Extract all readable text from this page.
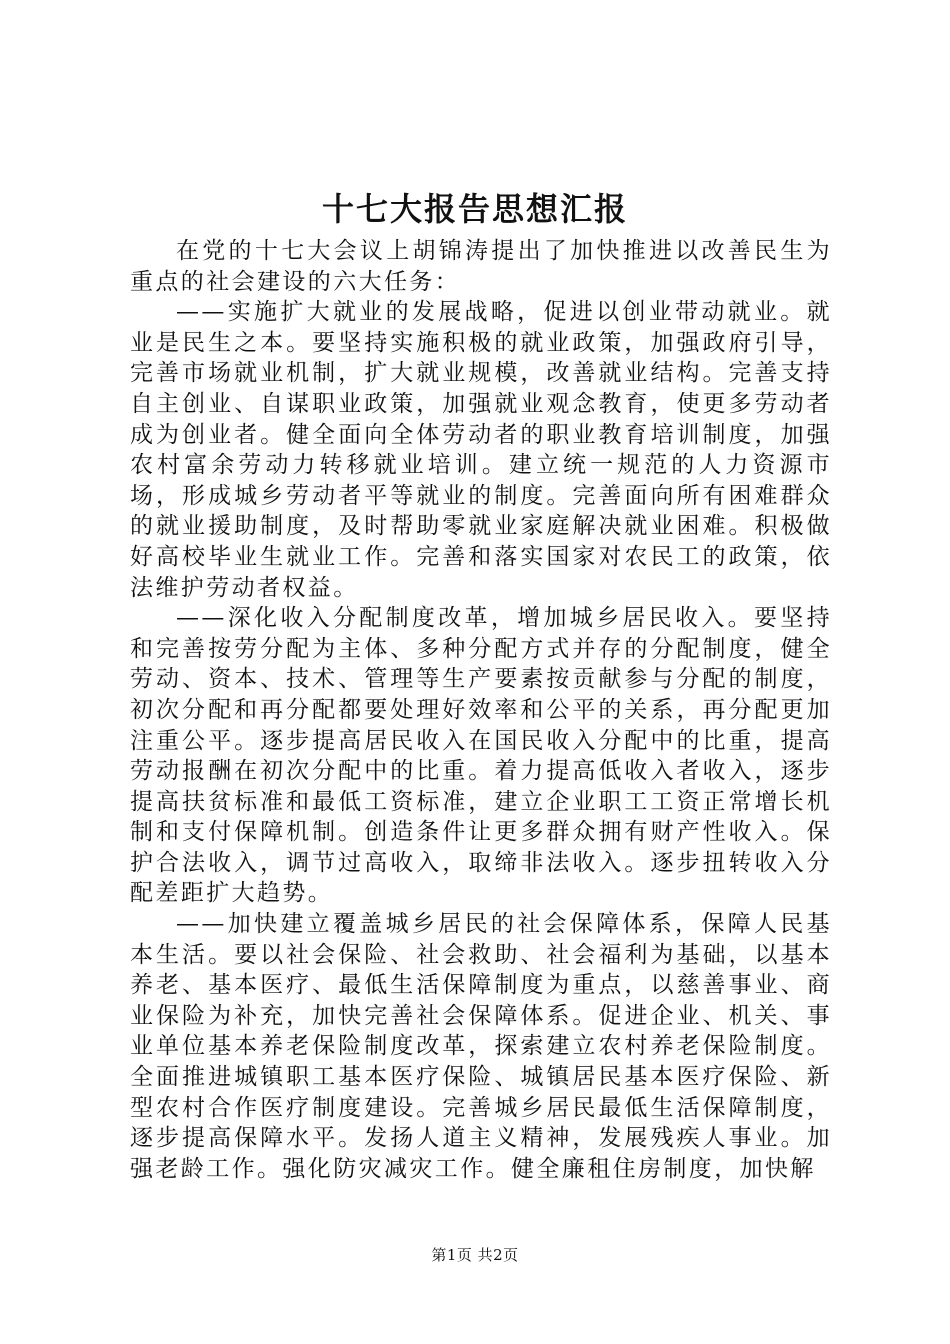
十七大报告思想汇报

在党的十七大会议上胡锦涛提出了加快推进以改善民生为重点的社会建设的六大任务：

——实施扩大就业的发展战略，促进以创业带动就业。就业是民生之本。要坚持实施积极的就业政策，加强政府引导，完善市场就业机制，扩大就业规模，改善就业结构。完善支持自主创业、自谋职业政策，加强就业观念教育，使更多劳动者成为创业者。健全面向全体劳动者的职业教育培训制度，加强农村富余劳动力转移就业培训。建立统一规范的人力资源市场，形成城乡劳动者平等就业的制度。完善面向所有困难群众的就业援助制度，及时帮助零就业家庭解决就业困难。积极做好高校毕业生就业工作。完善和落实国家对农民工的政策，依法维护劳动者权益。

——深化收入分配制度改革，增加城乡居民收入。要坚持和完善按劳分配为主体、多种分配方式并存的分配制度，健全劳动、资本、技术、管理等生产要素按贡献参与分配的制度，初次分配和再分配都要处理好效率和公平的关系，再分配更加注重公平。逐步提高居民收入在国民收入分配中的比重，提高劳动报酬在初次分配中的比重。着力提高低收入者收入，逐步提高扶贫标准和最低工资标准，建立企业职工工资正常增长机制和支付保障机制。创造条件让更多群众拥有财产性收入。保护合法收入，调节过高收入，取缔非法收入。逐步扭转收入分配差距扩大趋势。

——加快建立覆盖城乡居民的社会保障体系，保障人民基本生活。要以社会保险、社会救助、社会福利为基础，以基本养老、基本医疗、最低生活保障制度为重点，以慈善事业、商业保险为补充，加快完善社会保障体系。促进企业、机关、事业单位基本养老保险制度改革，探索建立农村养老保险制度。全面推进城镇职工基本医疗保险、城镇居民基本医疗保险、新型农村合作医疗制度建设。完善城乡居民最低生活保障制度，逐步提高保障水平。发扬人道主义精神，发展残疾人事业。加强老龄工作。强化防灾减灾工作。健全廉租住房制度，加快解

第1页 共2页
